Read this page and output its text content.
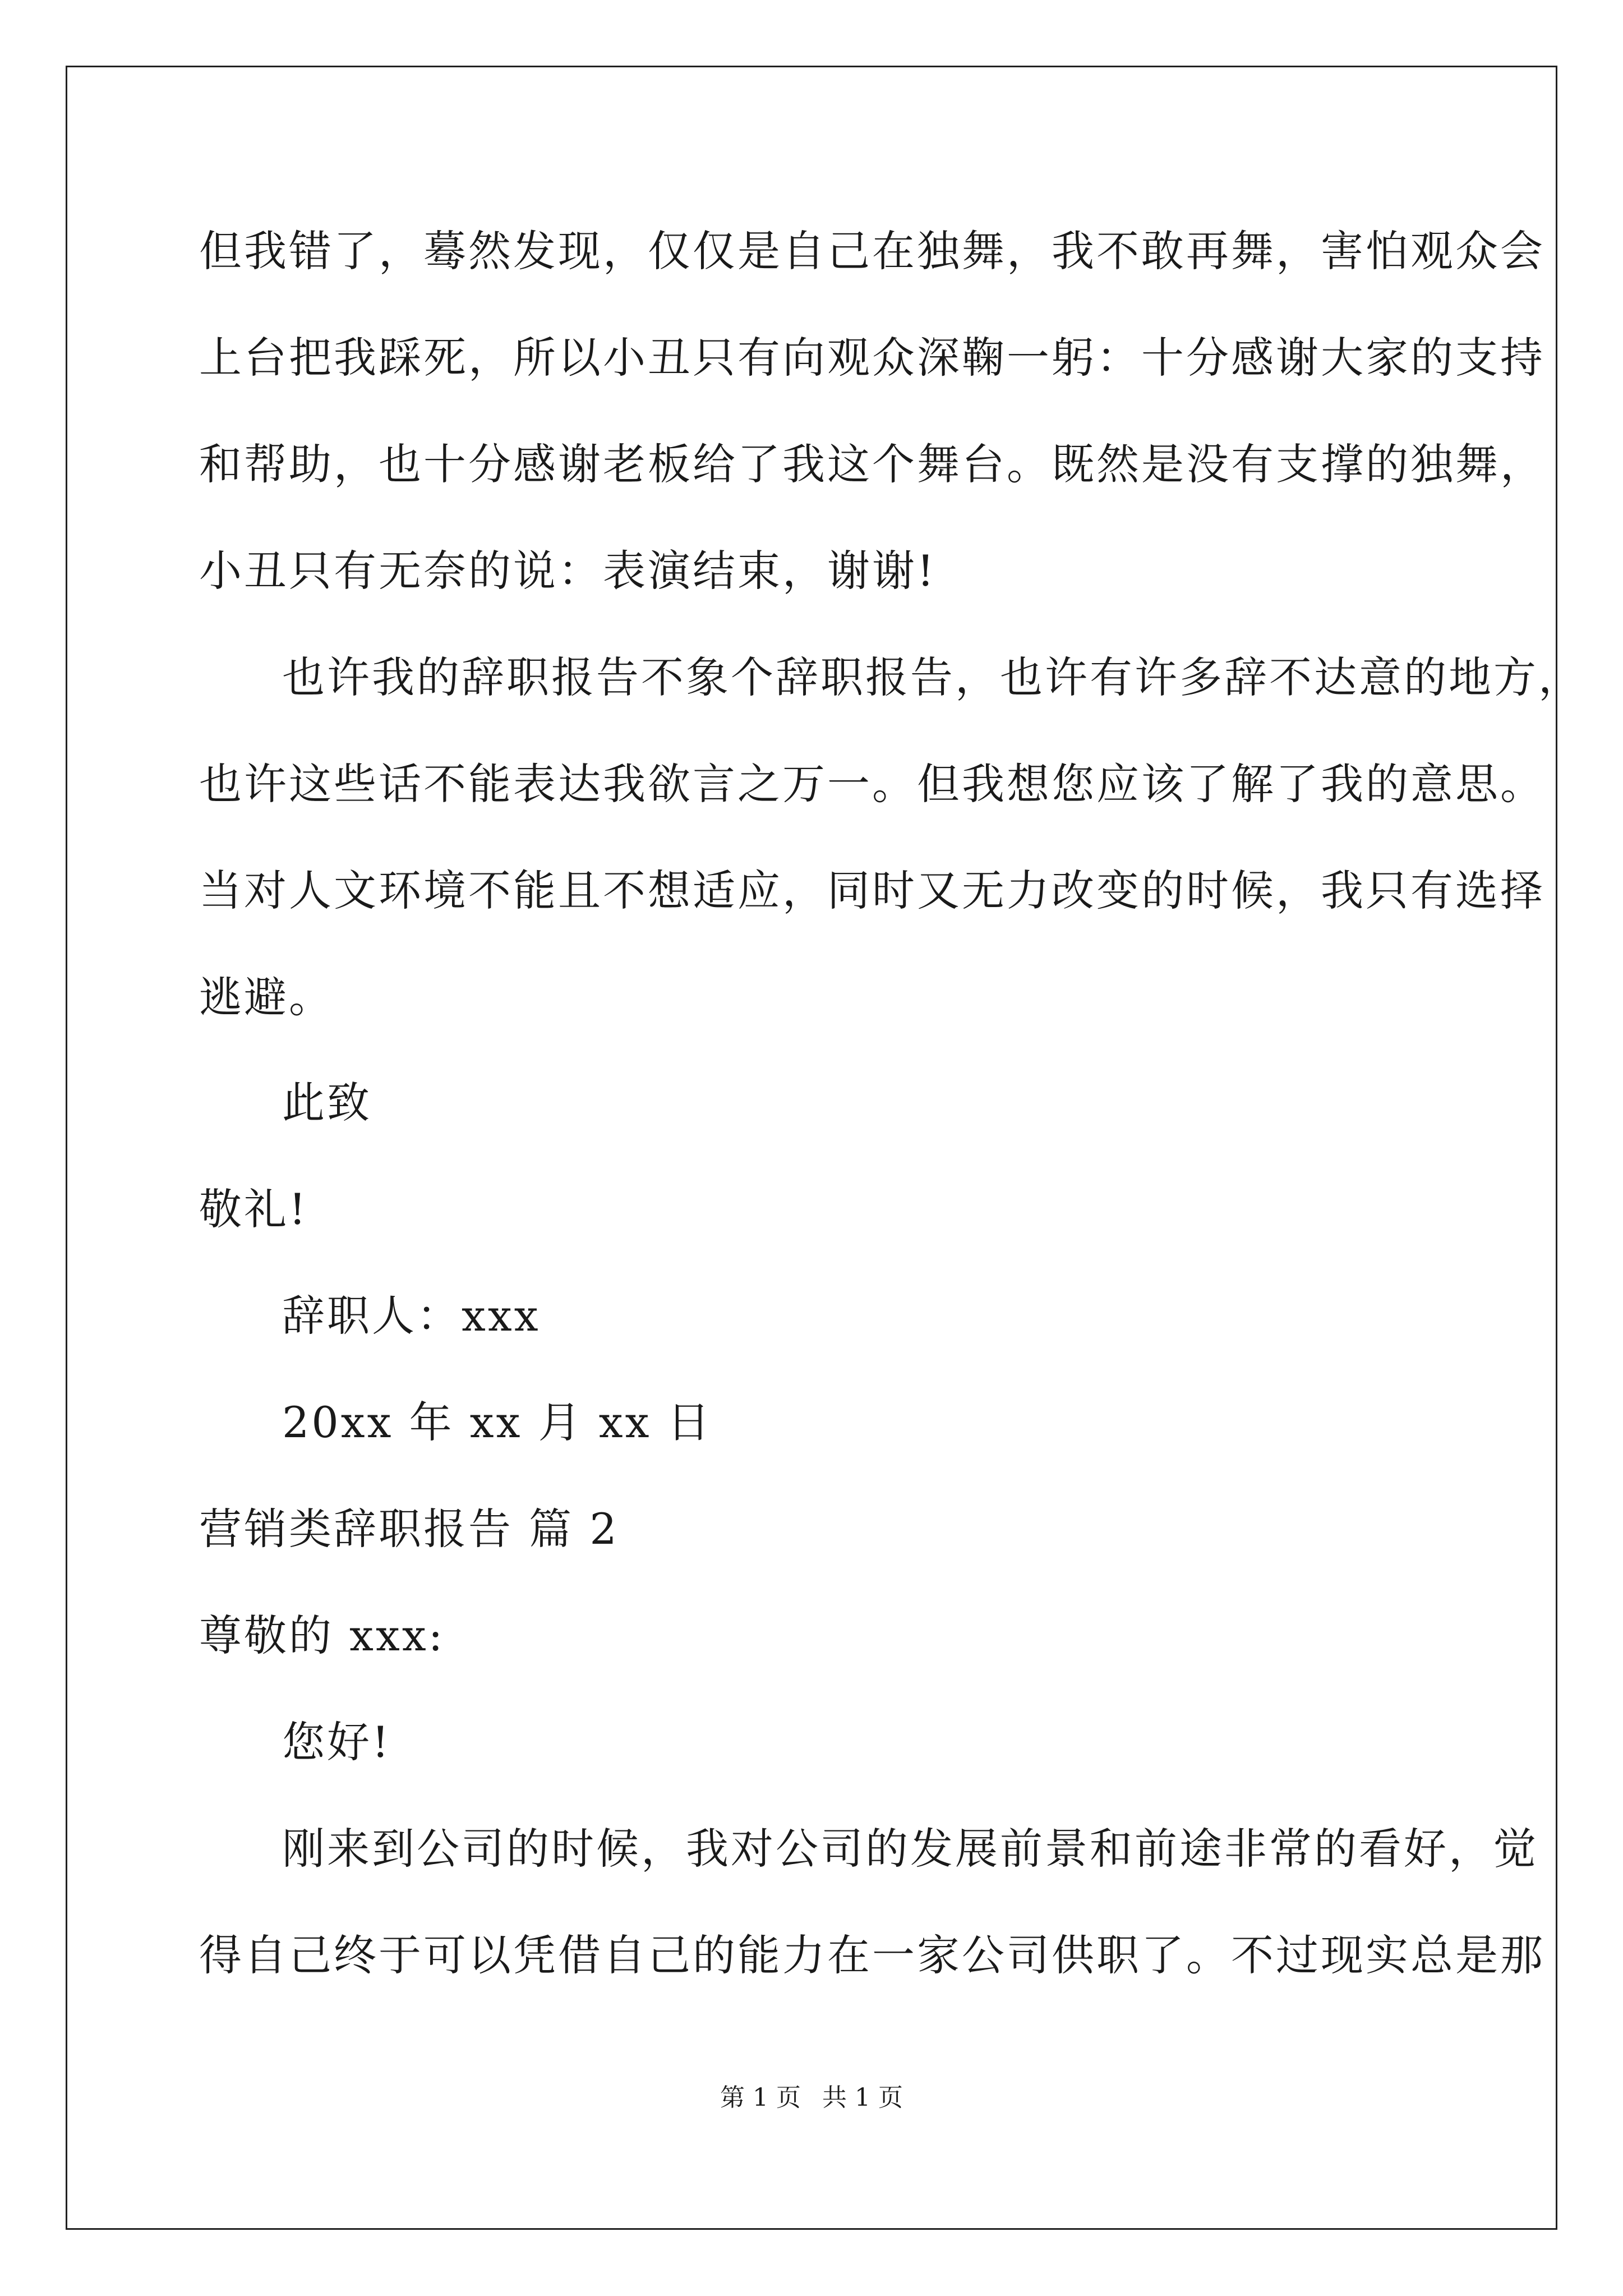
但我错了，蓦然发现，仅仅是自己在独舞，我不敢再舞，害怕观众会
上台把我踩死，所以小丑只有向观众深鞠一躬：十分感谢大家的支持
和帮助，也十分感谢老板给了我这个舞台。既然是没有支撑的独舞，
小丑只有无奈的说：表演结束，谢谢!
也许我的辞职报告不象个辞职报告，也许有许多辞不达意的地方，
也许这些话不能表达我欲言之万一。但我想您应该了解了我的意思。
当对人文环境不能且不想适应，同时又无力改变的时候，我只有选择
逃避。
此致
敬礼!
辞职人：xxx
20xx 年 xx 月 xx 日
营销类辞职报告 篇 2
尊敬的 xxx:
您好!
刚来到公司的时候，我对公司的发展前景和前途非常的看好，觉
得自己终于可以凭借自己的能力在一家公司供职了。不过现实总是那
第 1 页 共 1 页
